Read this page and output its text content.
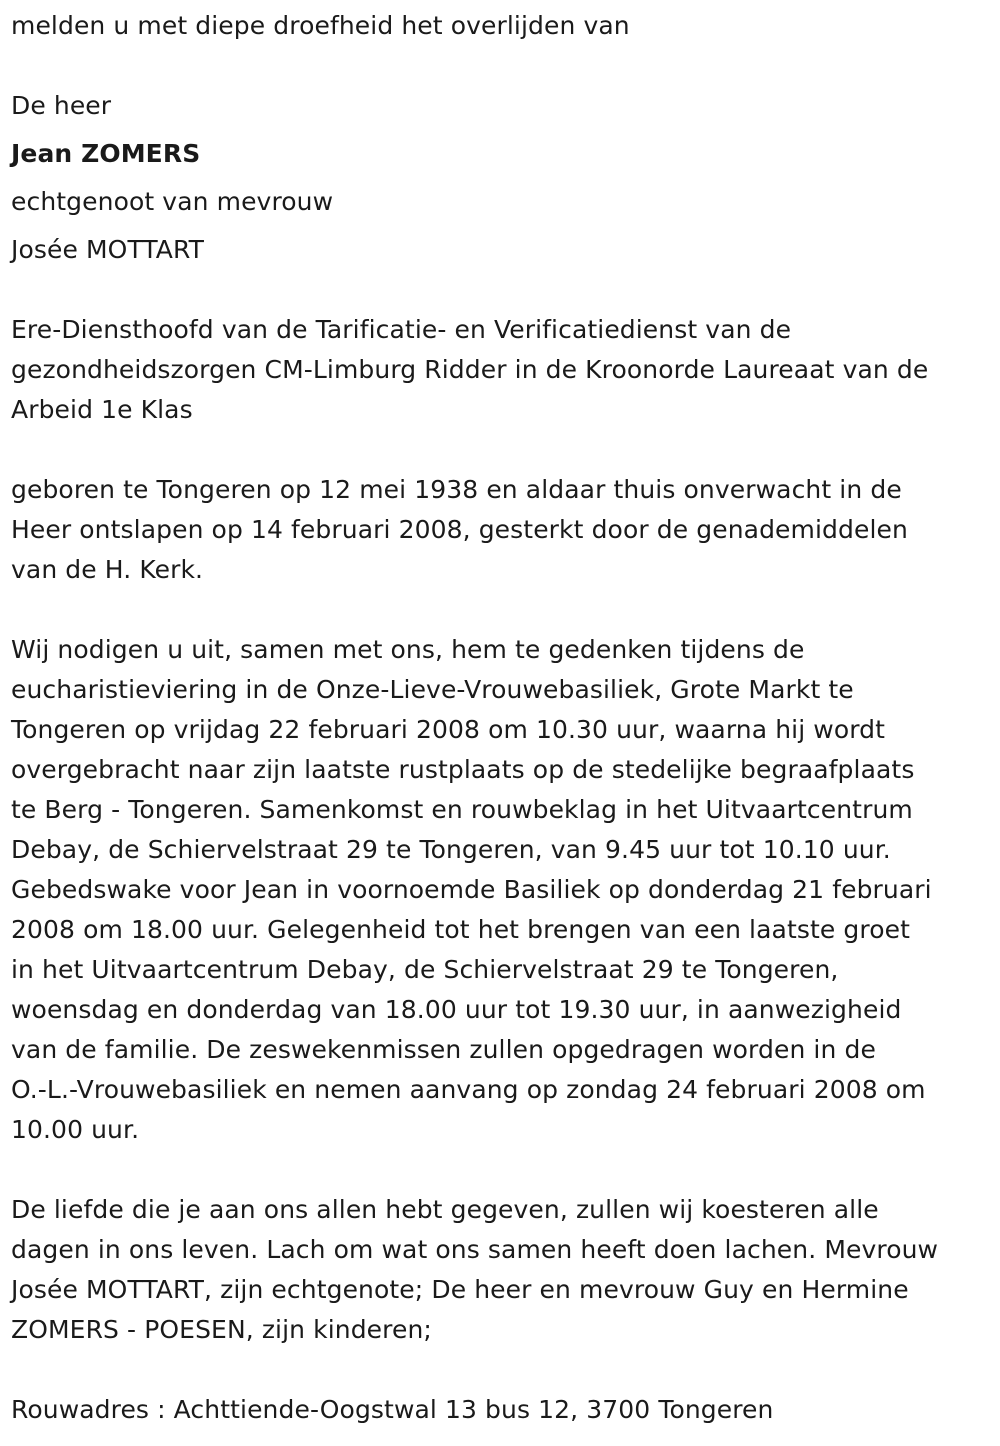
melden u met diepe droefheid het overlijden van

De heer

Jean ZOMERS

echtgenoot van mevrouw

Josée MOTTART

Ere-Diensthoofd van de Tarificatie- en Verificatiedienst van de

gezondheidszorgen CM-Limburg Ridder in de Kroonorde Laureaat van de

Arbeid 1e Klas

geboren te Tongeren op 12 mei 1938 en aldaar thuis onverwacht in de

Heer ontslapen op 14 februari 2008, gesterkt door de genademiddelen

van de H. Kerk.

Wij nodigen u uit, samen met ons, hem te gedenken tijdens de

eucharistieviering in de Onze-Lieve-Vrouwebasiliek, Grote Markt te

Tongeren op vrijdag 22 februari 2008 om 10.30 uur, waarna hij wordt

overgebracht naar zijn laatste rustplaats op de stedelijke begraafplaats

te Berg - Tongeren. Samenkomst en rouwbeklag in het Uitvaartcentrum

Debay, de Schiervelstraat 29 te Tongeren, van 9.45 uur tot 10.10 uur.

Gebedswake voor Jean in voornoemde Basiliek op donderdag 21 februari

2008 om 18.00 uur. Gelegenheid tot het brengen van een laatste groet

in het Uitvaartcentrum Debay, de Schiervelstraat 29 te Tongeren,

woensdag en donderdag van 18.00 uur tot 19.30 uur, in aanwezigheid

van de familie. De zeswekenmissen zullen opgedragen worden in de

O.-L.-Vrouwebasiliek en nemen aanvang op zondag 24 februari 2008 om

10.00 uur.

De liefde die je aan ons allen hebt gegeven, zullen wij koesteren alle

dagen in ons leven. Lach om wat ons samen heeft doen lachen. Mevrouw

Josée MOTTART, zijn echtgenote; De heer en mevrouw Guy en Hermine

ZOMERS - POESEN, zijn kinderen;

Rouwadres : Achttiende-Oogstwal 13 bus 12, 3700 Tongeren
